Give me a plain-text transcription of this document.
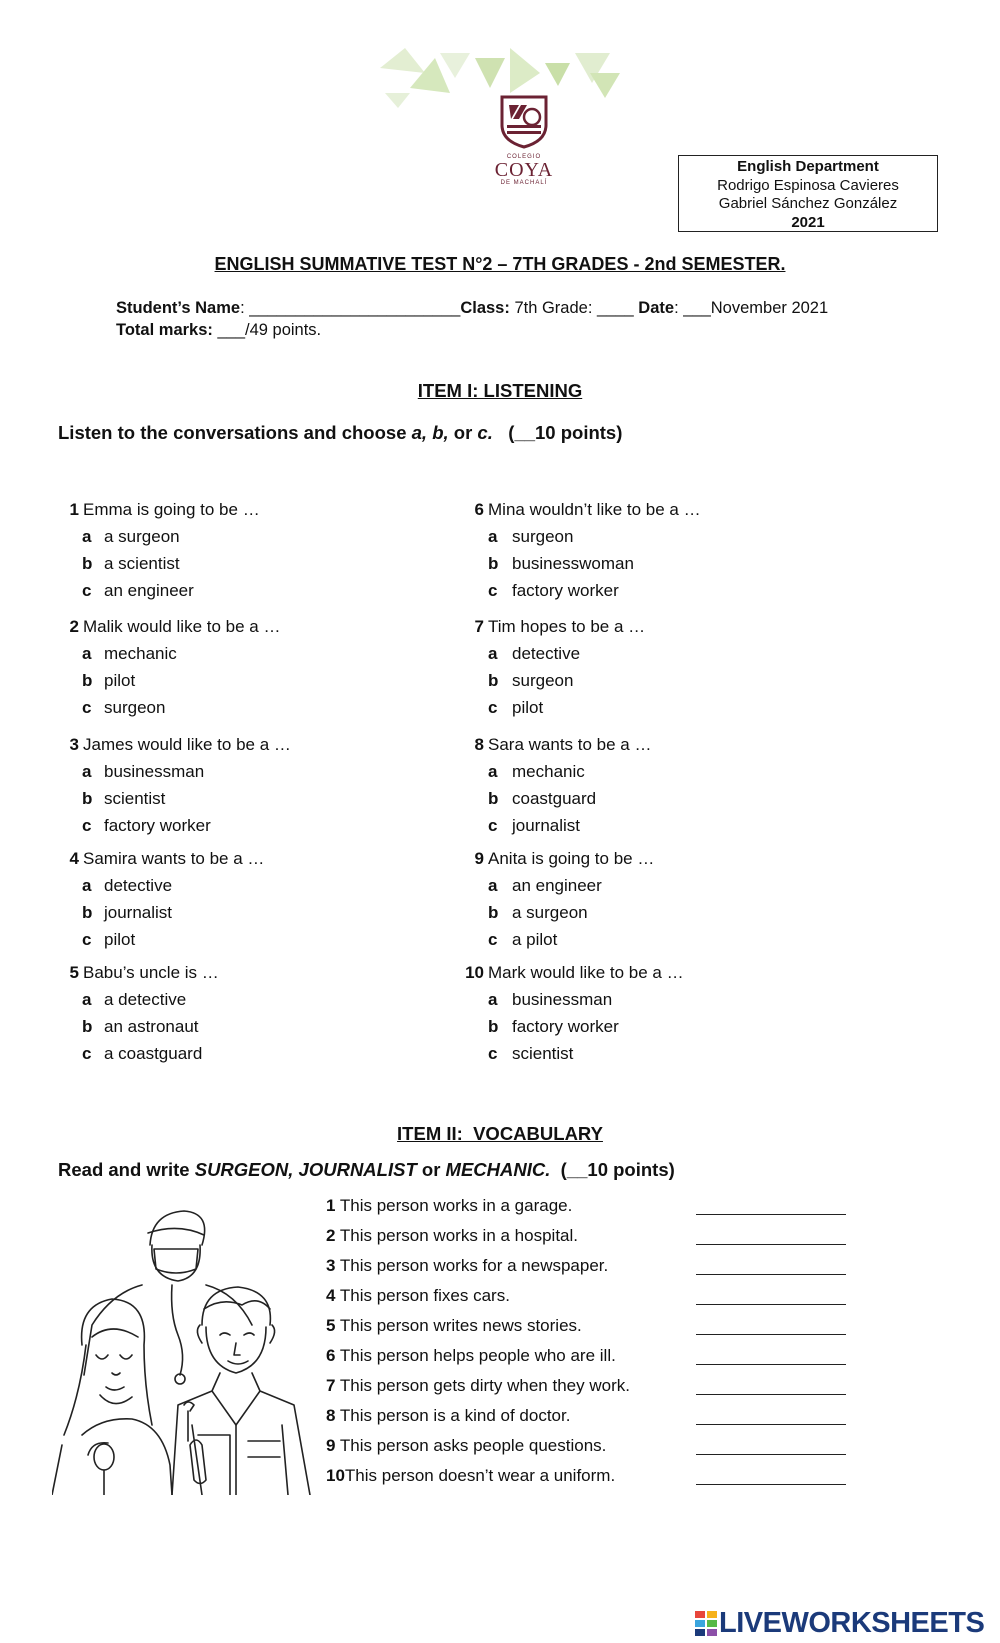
COLEGIO
COYA
DE MACHALÍ
English Department
Rodrigo Espinosa Cavieres
Gabriel Sánchez González
2021
ENGLISH SUMMATIVE TEST N°2 – 7TH GRADES - 2nd SEMESTER.
Student’s Name: _______________________Class: 7th Grade: ____ Date: ___November 2021
Total marks: ___/49 points.
ITEM I: LISTENING
Listen to the conversations and choose a, b, or c.   (__10 points)
1 Emma is going to be …
a a surgeon
b a scientist
c an engineer
2 Malik would like to be a …
a mechanic
b pilot
c surgeon
3 James would like to be a …
a businessman
b scientist
c factory worker
4 Samira wants to be a …
a detective
b journalist
c pilot
5 Babu’s uncle is …
a a detective
b an astronaut
c a coastguard
6 Mina wouldn’t like to be a …
a surgeon
b businesswoman
c factory worker
7 Tim hopes to be a …
a detective
b surgeon
c pilot
8 Sara wants to be a …
a mechanic
b coastguard
c journalist
9 Anita is going to be …
a an engineer
b a surgeon
c a pilot
10 Mark would like to be a …
a businessman
b factory worker
c scientist
ITEM II:  VOCABULARY
Read and write SURGEON, JOURNALIST or MECHANIC.  (__10 points)
1 This person works in a garage.
2 This person works in a hospital.
3 This person works for a newspaper.
4 This person fixes cars.
5 This person writes news stories.
6 This person helps people who are ill.
7 This person gets dirty when they work.
8 This person is a kind of doctor.
9 This person asks people questions.
10This person doesn’t wear a uniform.
LIVEWORKSHEETS
